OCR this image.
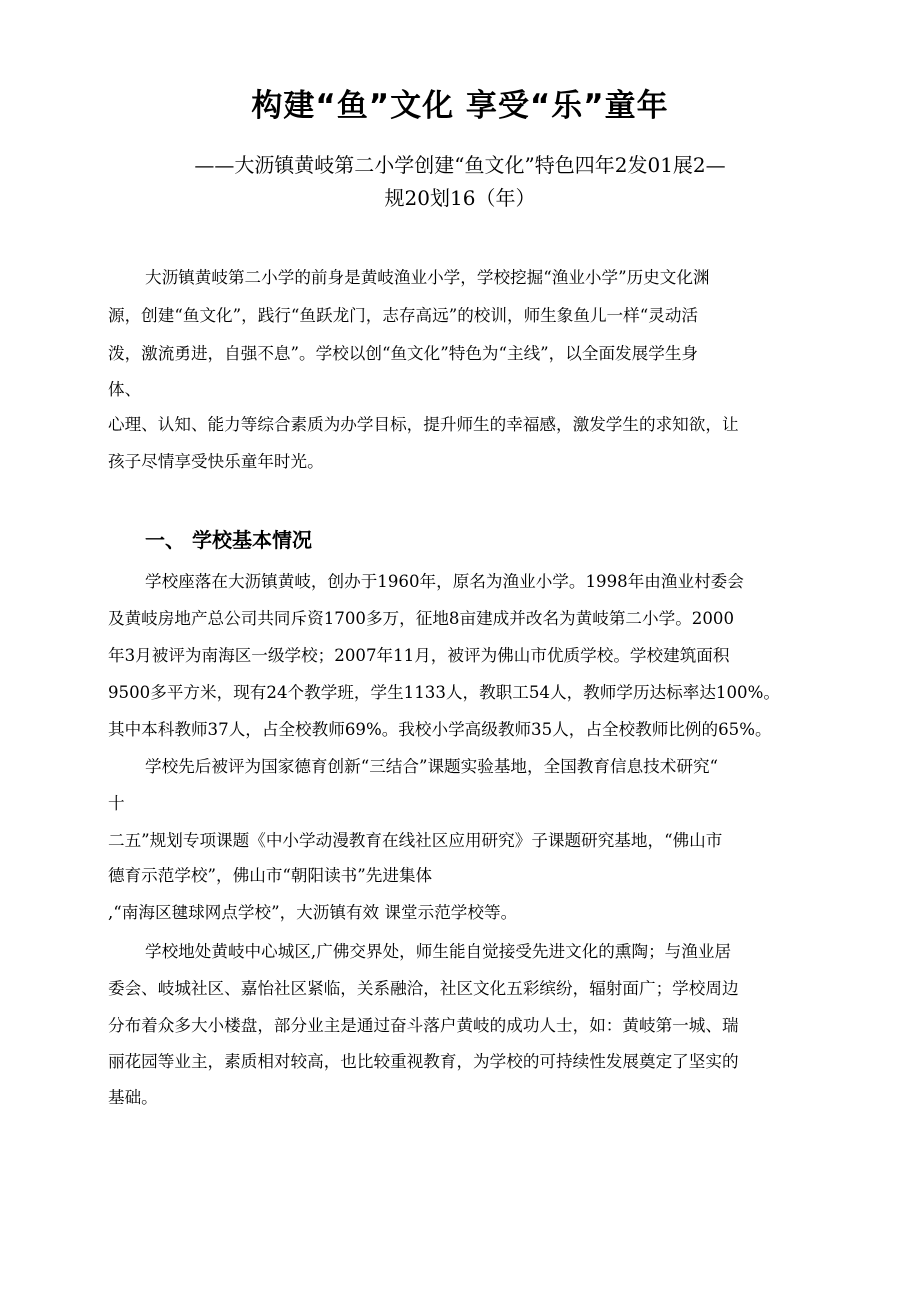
构建“鱼”文化 享受“乐”童年
——大沥镇黄岐第二小学创建“鱼文化”特色四年2发01展2—
规20划16（年）
大沥镇黄岐第二小学的前身是黄岐渔业小学，学校挖掘“渔业小学”历史文化渊
源，创建“鱼文化”，践行“鱼跃龙门，志存高远”的校训，师生象鱼儿一样“灵动活
泼，激流勇进，自强不息”。学校以创“鱼文化”特色为“主线”，以全面发展学生身
体、
心理、认知、能力等综合素质为办学目标，提升师生的幸福感，激发学生的求知欲，让
孩子尽情享受快乐童年时光。
一、 学校基本情况
学校座落在大沥镇黄岐，创办于1960年，原名为渔业小学。1998年由渔业村委会
及黄岐房地产总公司共同斥资1700多万，征地8亩建成并改名为黄岐第二小学。2000
年3月被评为南海区一级学校；2007年11月，被评为佛山市优质学校。学校建筑面积
9500多平方米，现有24个教学班，学生1133人，教职工54人，教师学历达标率达100%。
其中本科教师37人，占全校教师69%。我校小学高级教师35人，占全校教师比例的65%。
学校先后被评为国家德育创新“三结合”课题实验基地，全国教育信息技术研究“
十
二五”规划专项课题《中小学动漫教育在线社区应用研究》子课题研究基地，“佛山市
德育示范学校”，佛山市“朝阳读书”先进集体
,“南海区毽球网点学校”，大沥镇有效 课堂示范学校等。
学校地处黄岐中心城区,广佛交界处，师生能自觉接受先进文化的熏陶；与渔业居
委会、岐城社区、嘉怡社区紧临，关系融洽，社区文化五彩缤纷，辐射面广；学校周边
分布着众多大小楼盘，部分业主是通过奋斗落户黄岐的成功人士，如：黄岐第一城、瑞
丽花园等业主，素质相对较高，也比较重视教育，为学校的可持续性发展奠定了坚实的
基础。
